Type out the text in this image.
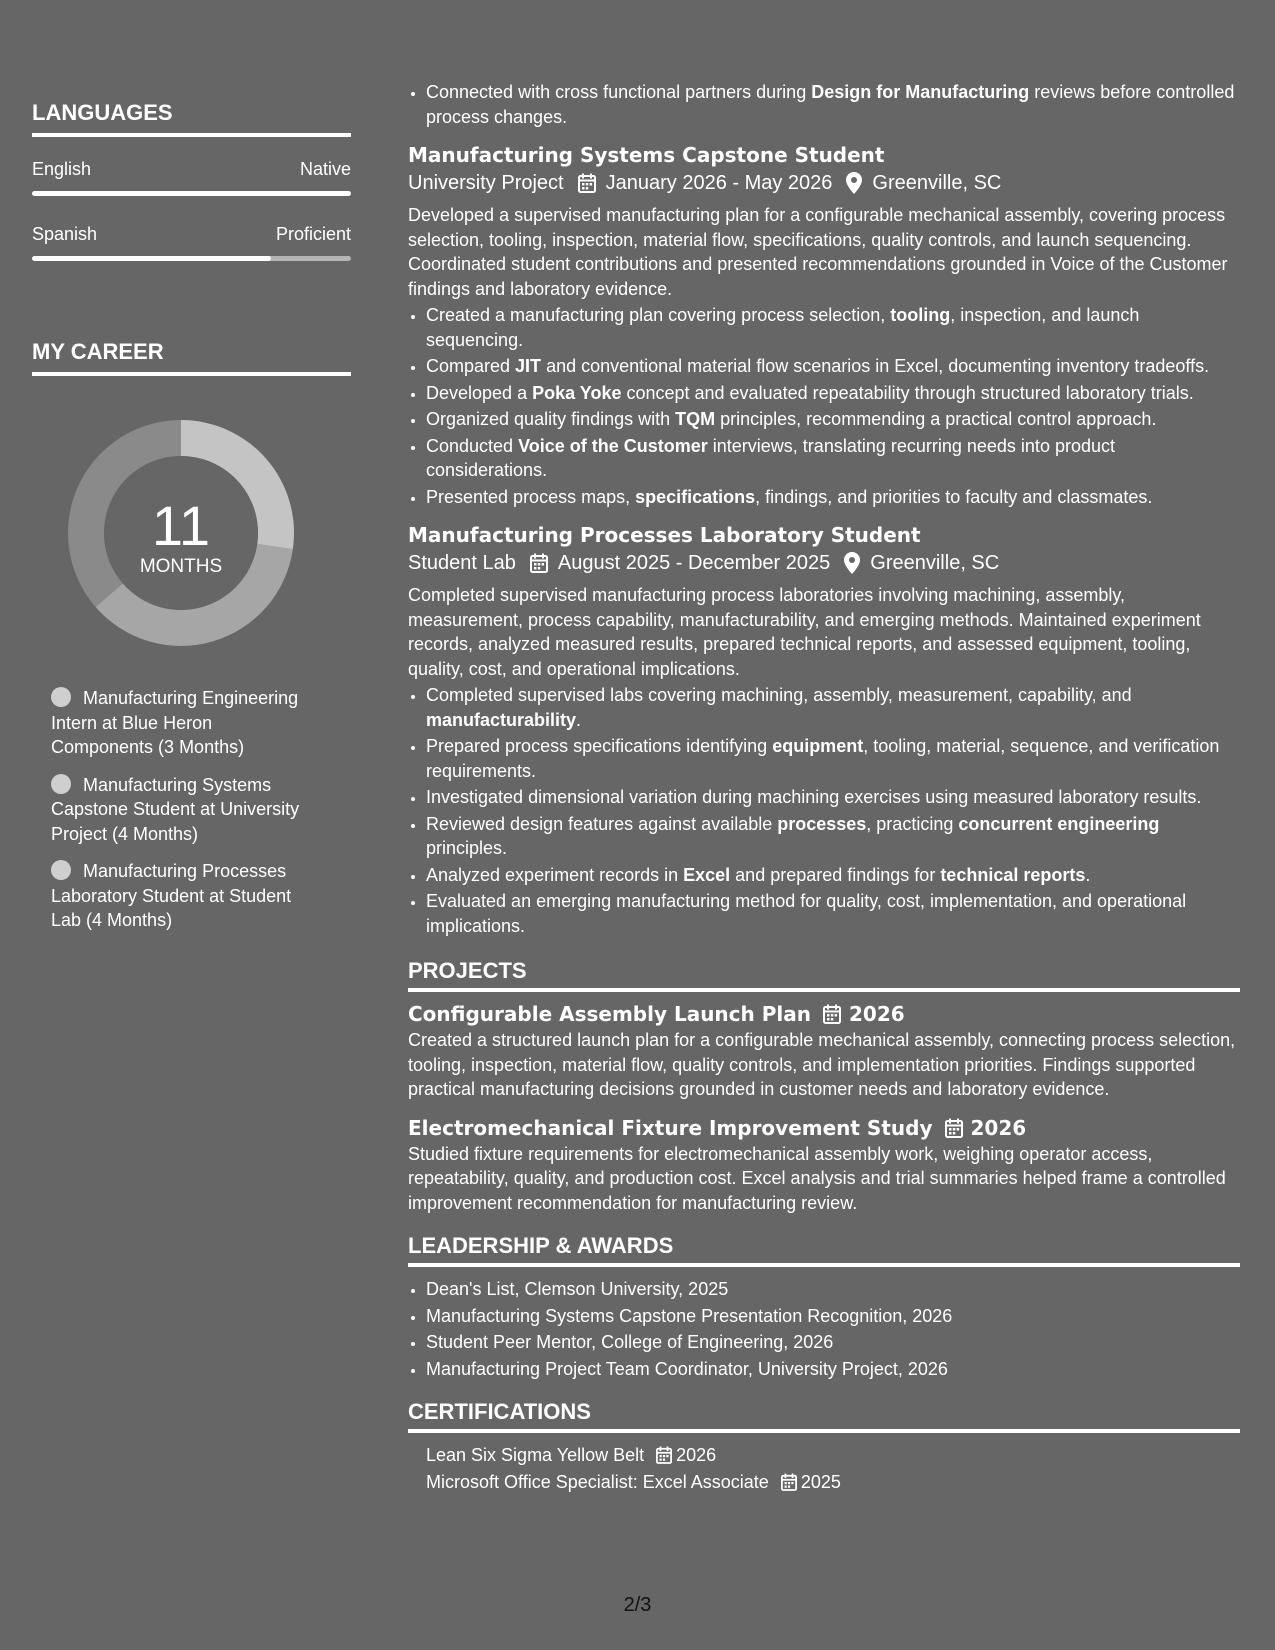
LANGUAGES
English	Native
Spanish	Proficient
MY CAREER
11
MONTHS
Manufacturing Engineering Intern at Blue Heron Components (3 Months)
Manufacturing Systems Capstone Student at University Project (4 Months)
Manufacturing Processes Laboratory Student at Student Lab (4 Months)
• Connected with cross functional partners during Design for Manufacturing reviews before controlled process changes.
Manufacturing Systems Capstone Student
University Project January 2026 - May 2026 Greenville, SC
Developed a supervised manufacturing plan for a configurable mechanical assembly, covering process selection, tooling, inspection, material flow, specifications, quality controls, and launch sequencing. Coordinated student contributions and presented recommendations grounded in Voice of the Customer findings and laboratory evidence.
• Created a manufacturing plan covering process selection, tooling, inspection, and launch sequencing.
• Compared JIT and conventional material flow scenarios in Excel, documenting inventory tradeoffs.
• Developed a Poka Yoke concept and evaluated repeatability through structured laboratory trials.
• Organized quality findings with TQM principles, recommending a practical control approach.
• Conducted Voice of the Customer interviews, translating recurring needs into product considerations.
• Presented process maps, specifications, findings, and priorities to faculty and classmates.
Manufacturing Processes Laboratory Student
Student Lab August 2025 - December 2025 Greenville, SC
Completed supervised manufacturing process laboratories involving machining, assembly, measurement, process capability, manufacturability, and emerging methods. Maintained experiment records, analyzed measured results, prepared technical reports, and assessed equipment, tooling, quality, cost, and operational implications.
• Completed supervised labs covering machining, assembly, measurement, capability, and manufacturability.
• Prepared process specifications identifying equipment, tooling, material, sequence, and verification requirements.
• Investigated dimensional variation during machining exercises using measured laboratory results.
• Reviewed design features against available processes, practicing concurrent engineering principles.
• Analyzed experiment records in Excel and prepared findings for technical reports.
• Evaluated an emerging manufacturing method for quality, cost, implementation, and operational implications.
PROJECTS
Configurable Assembly Launch Plan 2026
Created a structured launch plan for a configurable mechanical assembly, connecting process selection, tooling, inspection, material flow, quality controls, and implementation priorities. Findings supported practical manufacturing decisions grounded in customer needs and laboratory evidence.
Electromechanical Fixture Improvement Study 2026
Studied fixture requirements for electromechanical assembly work, weighing operator access, repeatability, quality, and production cost. Excel analysis and trial summaries helped frame a controlled improvement recommendation for manufacturing review.
LEADERSHIP & AWARDS
• Dean's List, Clemson University, 2025
• Manufacturing Systems Capstone Presentation Recognition, 2026
• Student Peer Mentor, College of Engineering, 2026
• Manufacturing Project Team Coordinator, University Project, 2026
CERTIFICATIONS
Lean Six Sigma Yellow Belt 2026
Microsoft Office Specialist: Excel Associate 2025
2/3
